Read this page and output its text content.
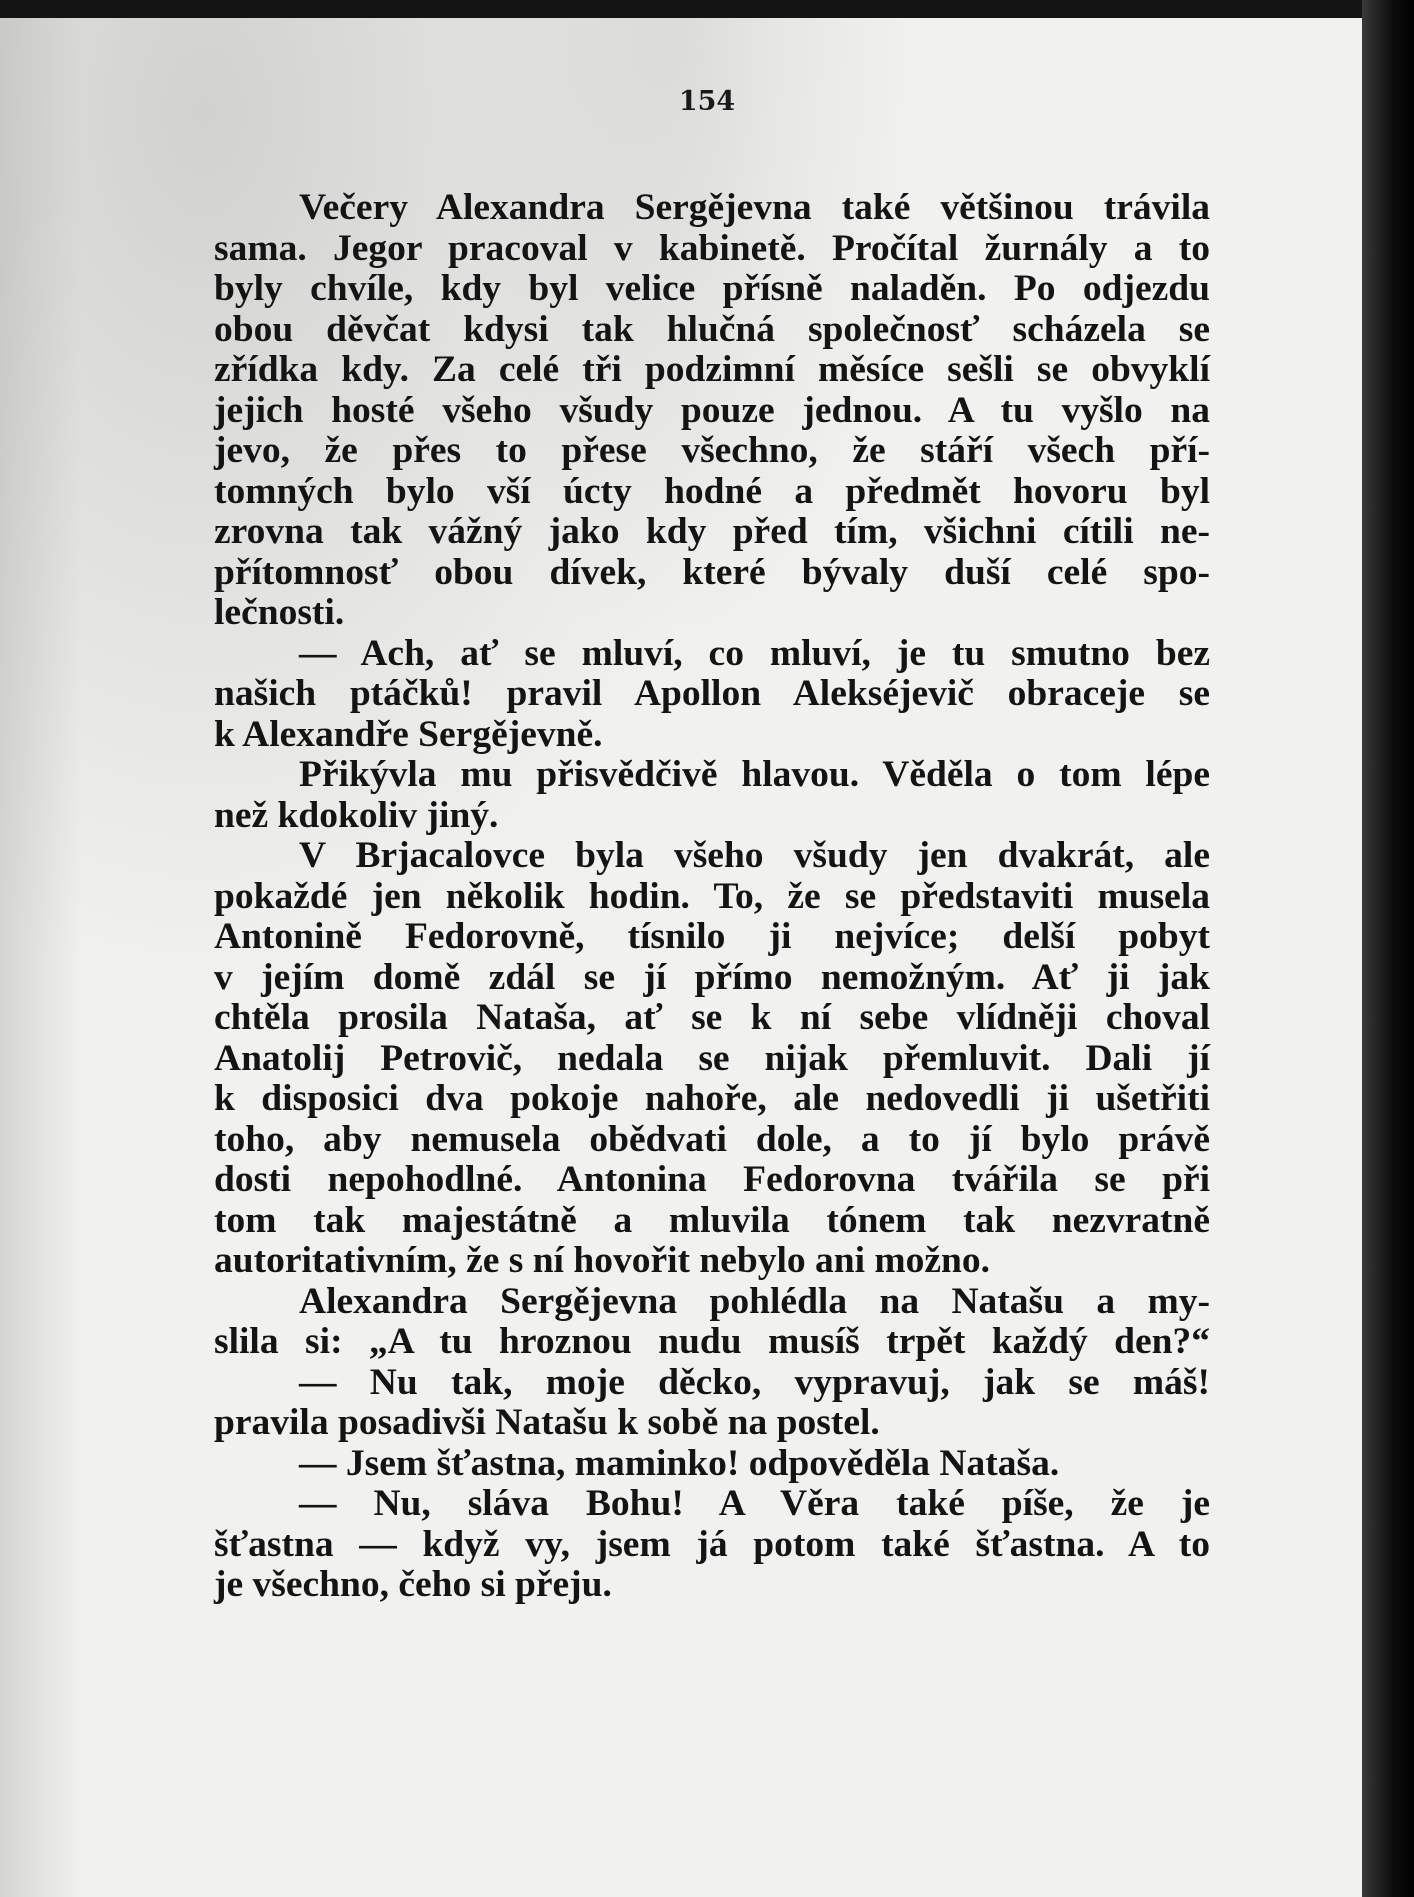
154
Večery Alexandra Sergějevna také většinou trávila
sama. Jegor pracoval v kabinetě. Pročítal žurnály a to
byly chvíle, kdy byl velice přísně naladěn. Po odjezdu
obou děvčat kdysi tak hlučná společnosť scházela se
zřídka kdy. Za celé tři podzimní měsíce sešli se obvyklí
jejich hosté všeho všudy pouze jednou. A tu vyšlo na
jevo, že přes to přese všechno, že stáří všech pří-
tomných bylo vší úcty hodné a předmět hovoru byl
zrovna tak vážný jako kdy před tím, všichni cítili ne-
přítomnosť obou dívek, které bývaly duší celé spo-
lečnosti.
— Ach, ať se mluví, co mluví, je tu smutno bez
našich ptáčků! pravil Apollon Alekséjevič obraceje se
k Alexandře Sergějevně.
Přikývla mu přisvědčivě hlavou. Věděla o tom lépe
než kdokoliv jiný.
V Brjacalovce byla všeho všudy jen dvakrát, ale
pokaždé jen několik hodin. To, že se představiti musela
Antonině Fedorovně, tísnilo ji nejvíce; delší pobyt
v jejím domě zdál se jí přímo nemožným. Ať ji jak
chtěla prosila Nataša, ať se k ní sebe vlídněji choval
Anatolij Petrovič, nedala se nijak přemluvit. Dali jí
k disposici dva pokoje nahoře, ale nedovedli ji ušetřiti
toho, aby nemusela obědvati dole, a to jí bylo právě
dosti nepohodlné. Antonina Fedorovna tvářila se při
tom tak majestátně a mluvila tónem tak nezvratně
autoritativním, že s ní hovořit nebylo ani možno.
Alexandra Sergějevna pohlédla na Natašu a my-
slila si: „A tu hroznou nudu musíš trpět každý den?“
— Nu tak, moje děcko, vypravuj, jak se máš!
pravila posadivši Natašu k sobě na postel.
— Jsem šťastna, maminko! odpověděla Nataša.
— Nu, sláva Bohu! A Věra také píše, že je
šťastna — když vy, jsem já potom také šťastna. A to
je všechno, čeho si přeju.
